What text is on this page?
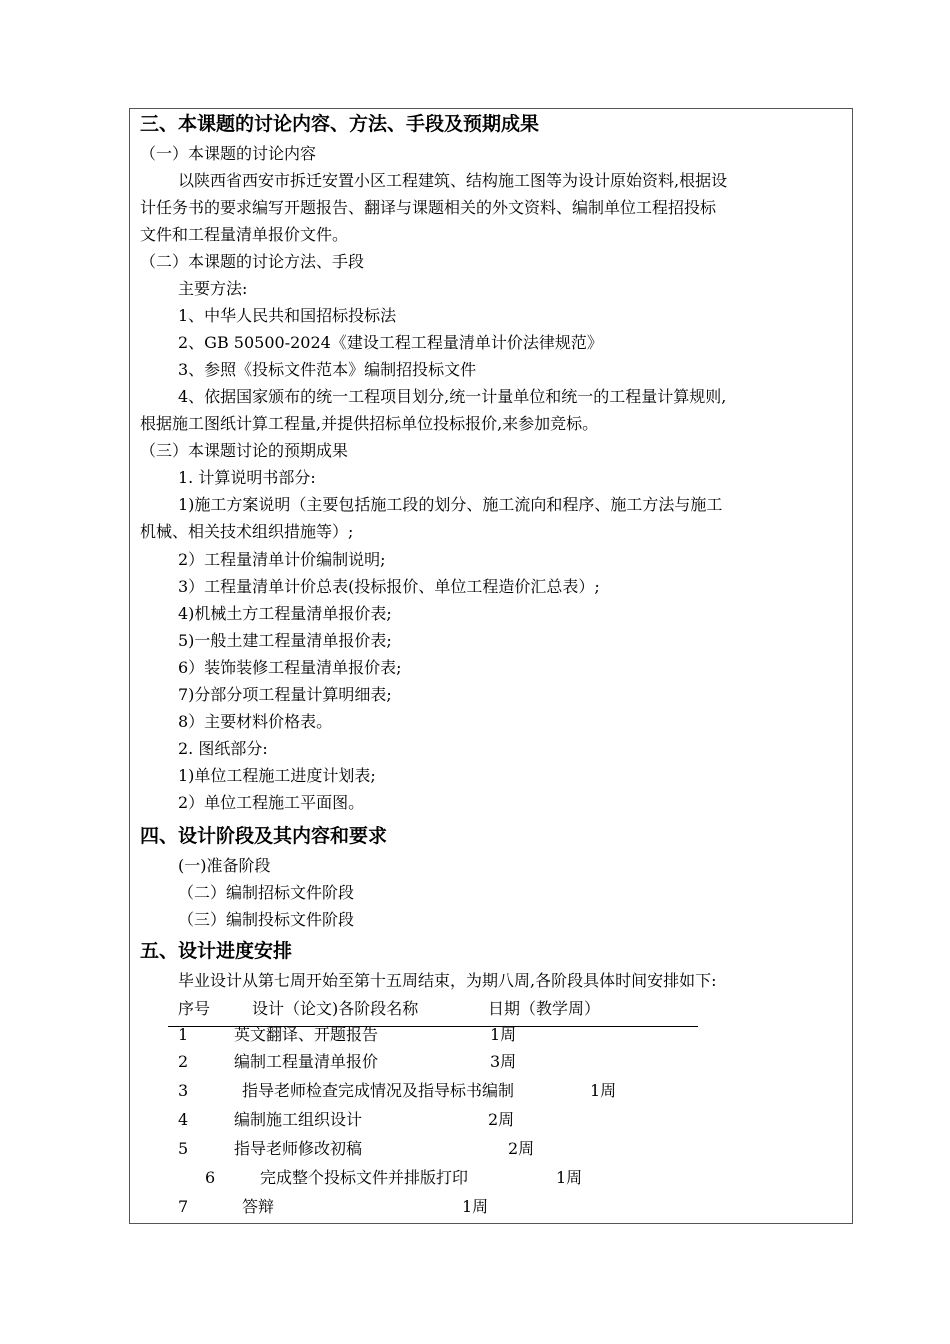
三、本课题的讨论内容、方法、手段及预期成果
（一）本课题的讨论内容
以陕西省西安市拆迁安置小区工程建筑、结构施工图等为设计原始资料,根据设
计任务书的要求编写开题报告、翻译与课题相关的外文资料、编制单位工程招投标
文件和工程量清单报价文件。
（二）本课题的讨论方法、手段
主要方法:
1、中华人民共和国招标投标法
2、GB 50500-2024《建设工程工程量清单计价法律规范》
3、参照《投标文件范本》编制招投标文件
4、依据国家颁布的统一工程项目划分,统一计量单位和统一的工程量计算规则,
根据施工图纸计算工程量,并提供招标单位投标报价,来参加竞标。
（三）本课题讨论的预期成果
1. 计算说明书部分:
1)施工方案说明（主要包括施工段的划分、施工流向和程序、施工方法与施工
机械、相关技术组织措施等）;
2）工程量清单计价编制说明;
3）工程量清单计价总表(投标报价、单位工程造价汇总表）;
4)机械土方工程量清单报价表;
5)一般土建工程量清单报价表;
6）装饰装修工程量清单报价表;
7)分部分项工程量计算明细表;
8）主要材料价格表。
2. 图纸部分:
1)单位工程施工进度计划表;
2）单位工程施工平面图。
四、设计阶段及其内容和要求
(一)准备阶段
（二）编制招标文件阶段
（三）编制投标文件阶段
五、设计进度安排
毕业设计从第七周开始至第十五周结束，为期八周,各阶段具体时间安排如下:
序号	设计（论文)各阶段名称	日期（教学周）
1	英文翻译、开题报告	1周
2	编制工程量清单报价	3周
3	指导老师检查完成情况及指导标书编制	1周
4	编制施工组织设计	2周
5	指导老师修改初稿	2周
6	完成整个投标文件并排版打印	1周
7	答辩	1周
